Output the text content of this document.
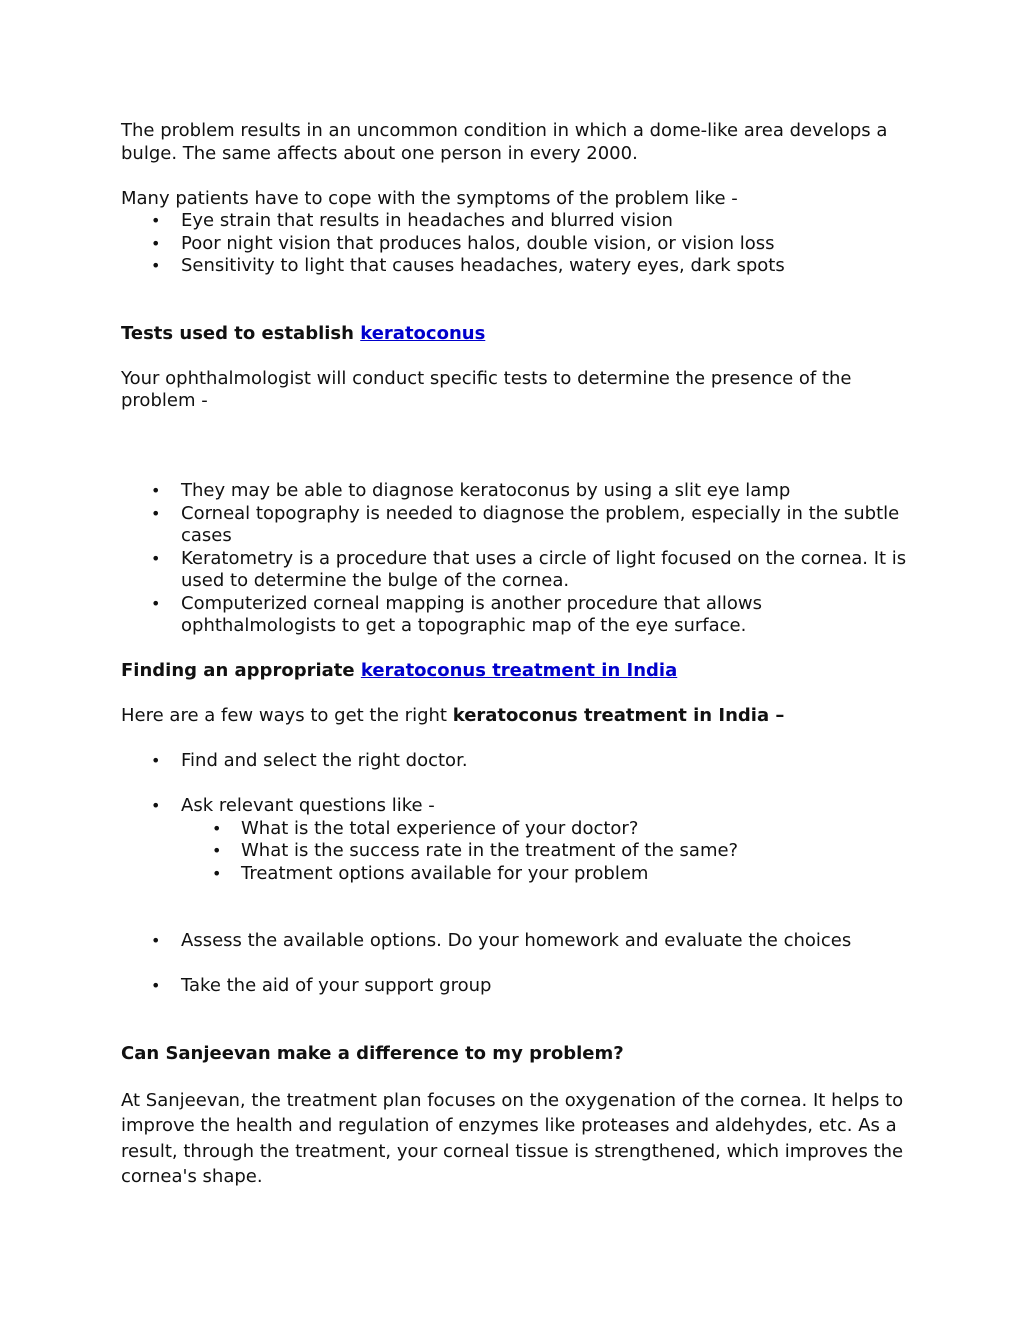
The problem results in an uncommon condition in which a dome-like area develops a bulge. The same affects about one person in every 2000.

Many patients have to cope with the symptoms of the problem like -

• Eye strain that results in headaches and blurred vision
• Poor night vision that produces halos, double vision, or vision loss
• Sensitivity to light that causes headaches, watery eyes, dark spots

Tests used to establish keratoconus

Your ophthalmologist will conduct specific tests to determine the presence of the problem -

• They may be able to diagnose keratoconus by using a slit eye lamp
• Corneal topography is needed to diagnose the problem, especially in the subtle cases
• Keratometry is a procedure that uses a circle of light focused on the cornea. It is used to determine the bulge of the cornea.
• Computerized corneal mapping is another procedure that allows ophthalmologists to get a topographic map of the eye surface.

Finding an appropriate keratoconus treatment in India

Here are a few ways to get the right keratoconus treatment in India –

• Find and select the right doctor.
• Ask relevant questions like -
• What is the total experience of your doctor?
• What is the success rate in the treatment of the same?
• Treatment options available for your problem
• Assess the available options. Do your homework and evaluate the choices
• Take the aid of your support group

Can Sanjeevan make a difference to my problem?

At Sanjeevan, the treatment plan focuses on the oxygenation of the cornea. It helps to improve the health and regulation of enzymes like proteases and aldehydes, etc. As a result, through the treatment, your corneal tissue is strengthened, which improves the cornea's shape.
